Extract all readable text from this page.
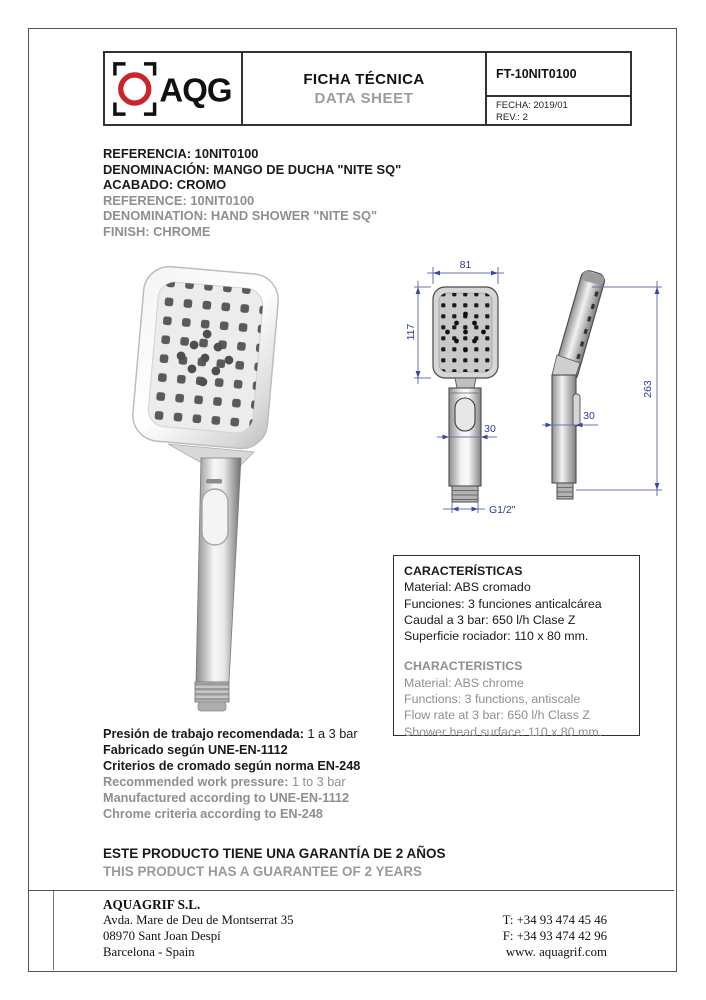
AQG	FICHA TÉCNICA
DATA SHEET
FT-10NIT0100
FECHA: 2019/01
REV.: 2
REFERENCIA: 10NIT0100
DENOMINACIÓN: MANGO DE DUCHA "NITE SQ"
ACABADO: CROMO
REFERENCE: 10NIT0100
DENOMINATION: HAND SHOWER "NITE SQ"
FINISH: CHROME
81
117
30
G1/2"
263
30
CARACTERÍSTICAS
Material: ABS cromado
Funciones: 3 funciones anticalcárea
Caudal a 3 bar: 650 l/h Clase Z
Superficie rociador: 110 x 80 mm.
CHARACTERISTICS
Material: ABS chrome
Functions: 3 functions, antiscale
Flow rate at 3 bar: 650 l/h Class Z
Shower head surface: 110 x 80 mm.
Presión de trabajo recomendada: 1 a 3 bar
Fabricado según UNE-EN-1112
Criterios de cromado según norma EN-248
Recommended work pressure: 1 to 3 bar
Manufactured according to UNE-EN-1112
Chrome criteria according to EN-248
ESTE PRODUCTO TIENE UNA GARANTÍA DE 2 AÑOS
THIS PRODUCT HAS A GUARANTEE OF 2 YEARS
AQUAGRIF S.L.
Avda. Mare de Deu de Montserrat 35
08970 Sant Joan Despí
Barcelona - Spain
T: +34 93 474 45 46
F: +34 93 474 42 96
www. aquagrif.com
